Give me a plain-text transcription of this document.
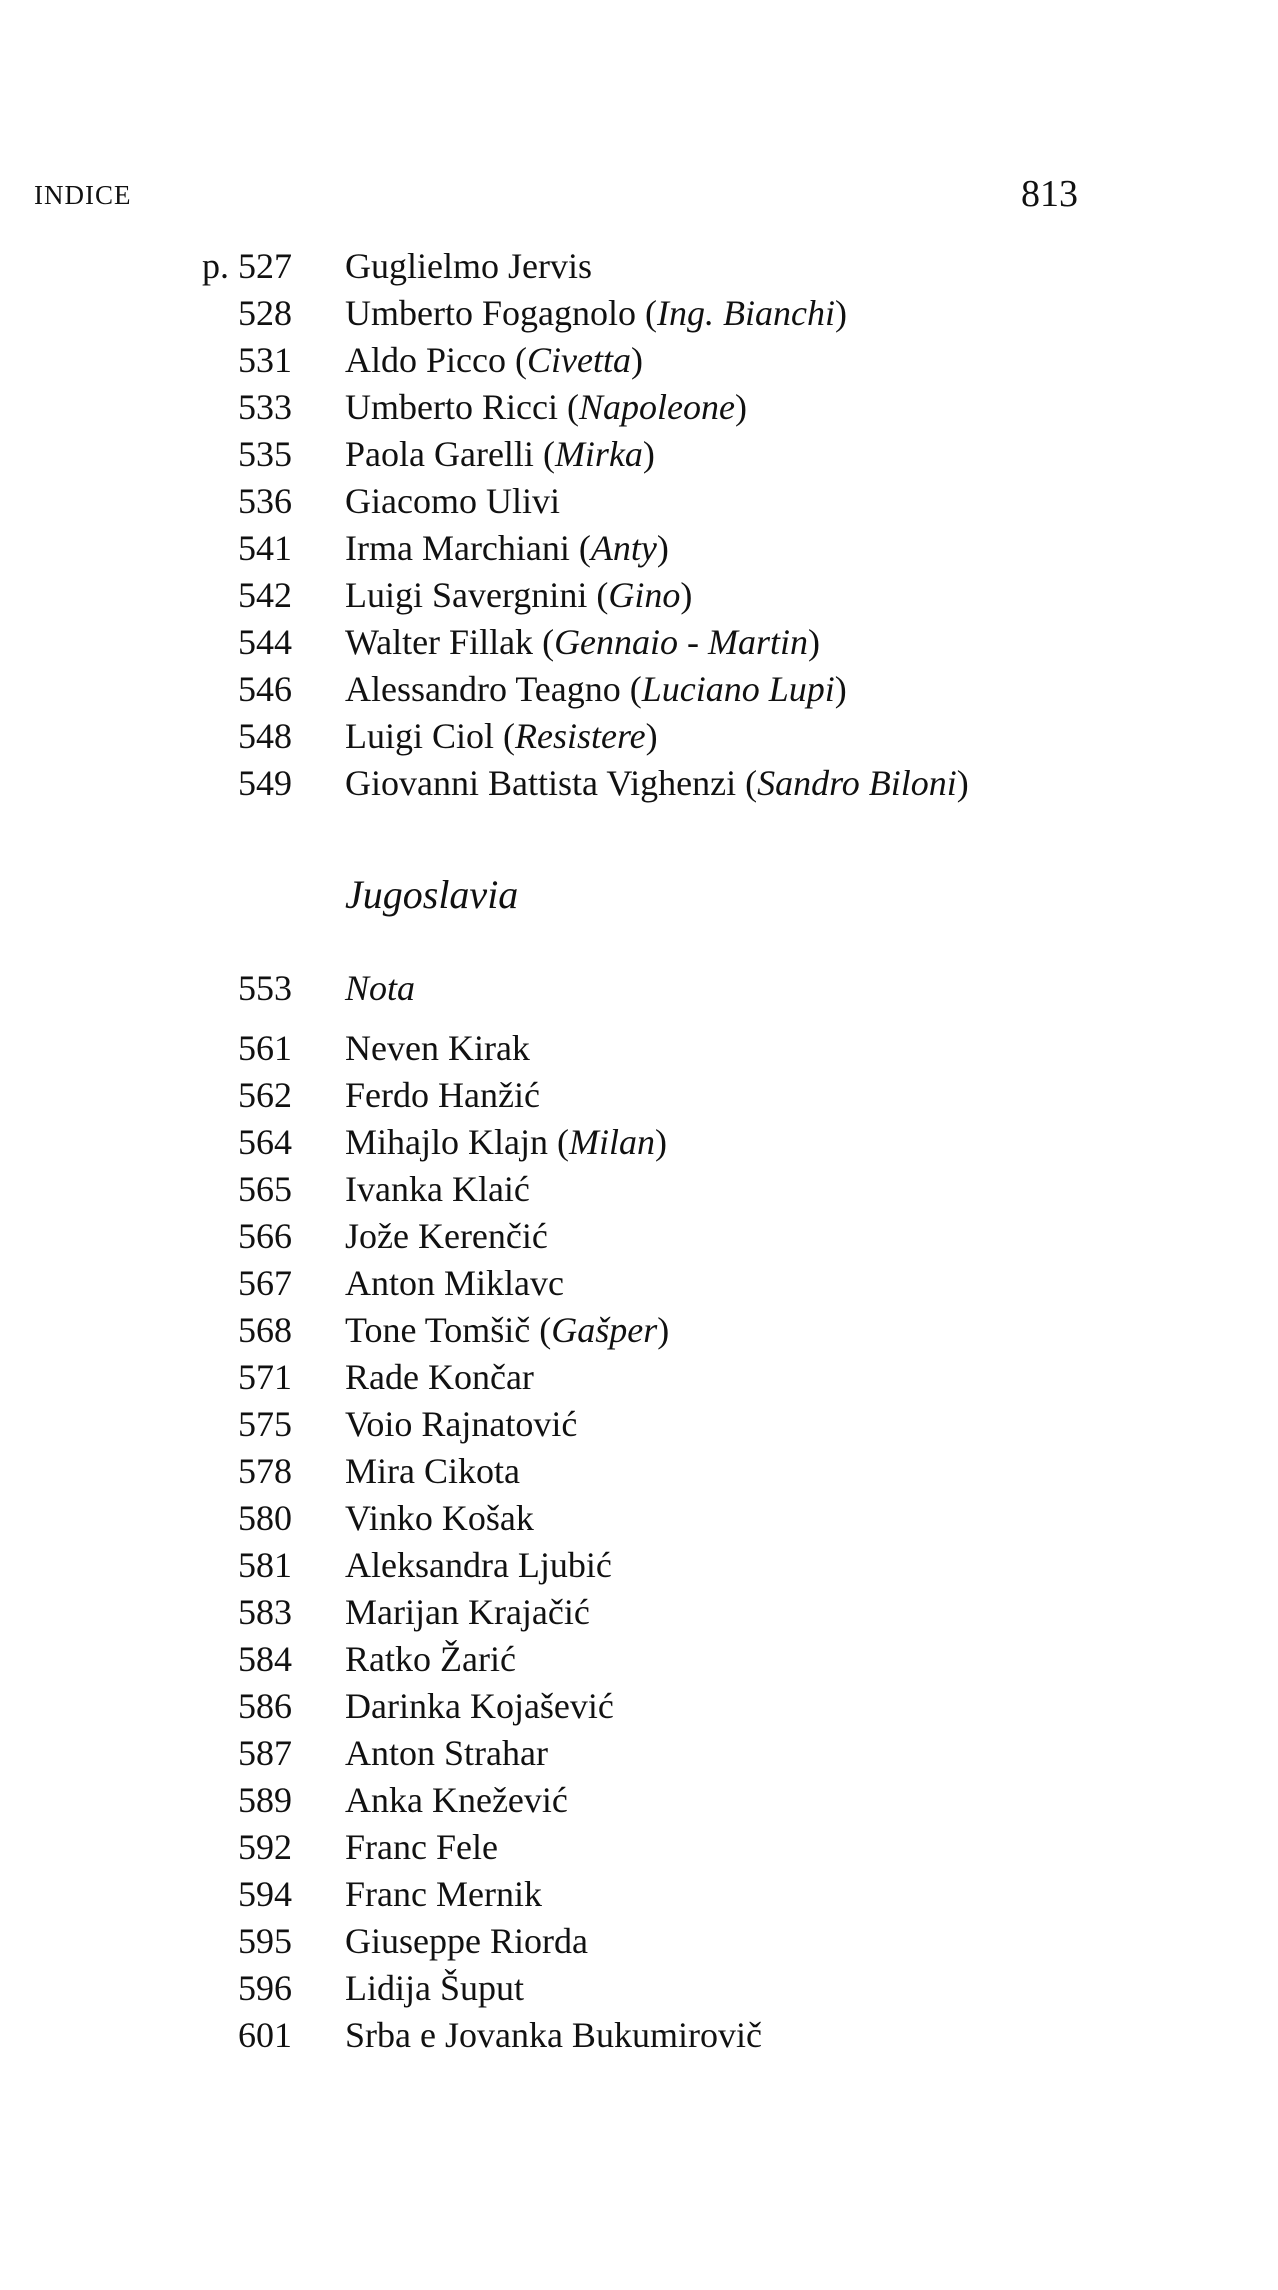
INDICE	813
p. 527 Guglielmo Jervis
528 Umberto Fogagnolo (Ing. Bianchi)
531 Aldo Picco (Civetta)
533 Umberto Ricci (Napoleone)
535 Paola Garelli (Mirka)
536 Giacomo Ulivi
541 Irma Marchiani (Anty)
542 Luigi Savergnini (Gino)
544 Walter Fillak (Gennaio - Martin)
546 Alessandro Teagno (Luciano Lupi)
548 Luigi Ciol (Resistere)
549 Giovanni Battista Vighenzi (Sandro Biloni)
Jugoslavia
553 Nota
561 Neven Kirak
562 Ferdo Hanžić
564 Mihajlo Klajn (Milan)
565 Ivanka Klaić
566 Jože Kerenčić
567 Anton Miklavc
568 Tone Tomšič (Gašper)
571 Rade Končar
575 Voio Rajnatović
578 Mira Cikota
580 Vinko Košak
581 Aleksandra Ljubić
583 Marijan Krajačić
584 Ratko Žarić
586 Darinka Kojašević
587 Anton Strahar
589 Anka Knežević
592 Franc Fele
594 Franc Mernik
595 Giuseppe Riorda
596 Lidija Šuput
601 Srba e Jovanka Bukumirovič
